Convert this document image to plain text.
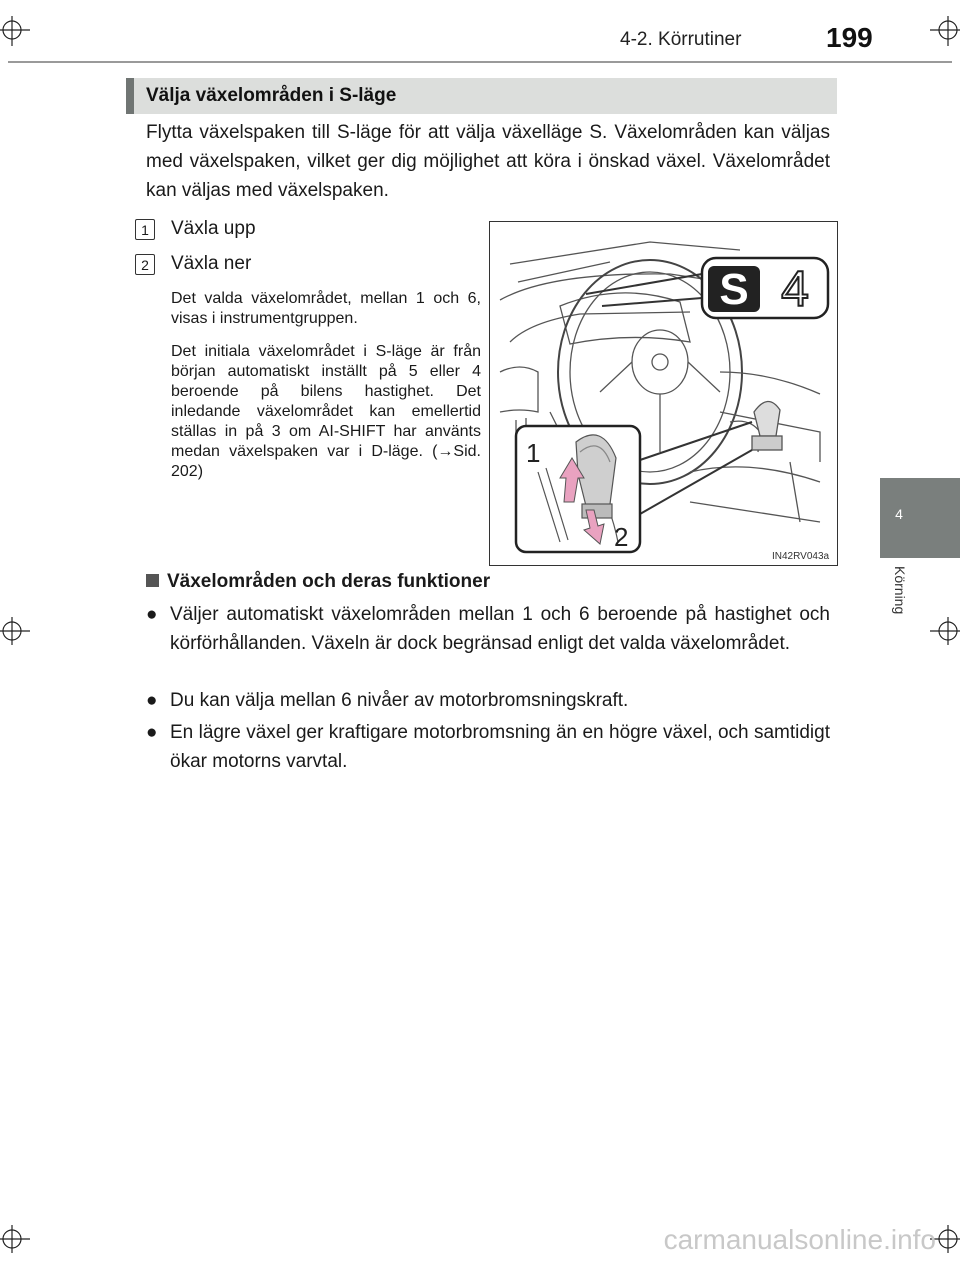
4-2. Körrutiner	199
4
Körning
Välja växelområden i S-läge
Flytta växelspaken till S-läge för att välja växelläge S. Växelområden kan väljas med växelspaken, vilket ger dig möjlighet att köra i önskad växel. Växelområdet kan väljas med växelspaken.
1	Växla upp
2	Växla ner
Det valda växelområdet, mellan 1 och 6, visas i instrumentgruppen.
Det initiala växelområdet i S-läge är från början automatiskt inställt på 5 eller 4 beroende på bilens hastighet. Det inledande växelområdet kan emellertid ställas in på 3 om AI-SHIFT har använts medan växelspaken var i D-läge. (→Sid. 202)
S 4
1
2
IN42RV043a
Växelområden och deras funktioner
● Väljer automatiskt växelområden mellan 1 och 6 beroende på hastighet och körförhållanden. Växeln är dock begränsad enligt det valda växelområdet.
● Du kan välja mellan 6 nivåer av motorbromsningskraft.
● En lägre växel ger kraftigare motorbromsning än en högre växel, och samtidigt ökar motorns varvtal.
carmanualsonline.info
